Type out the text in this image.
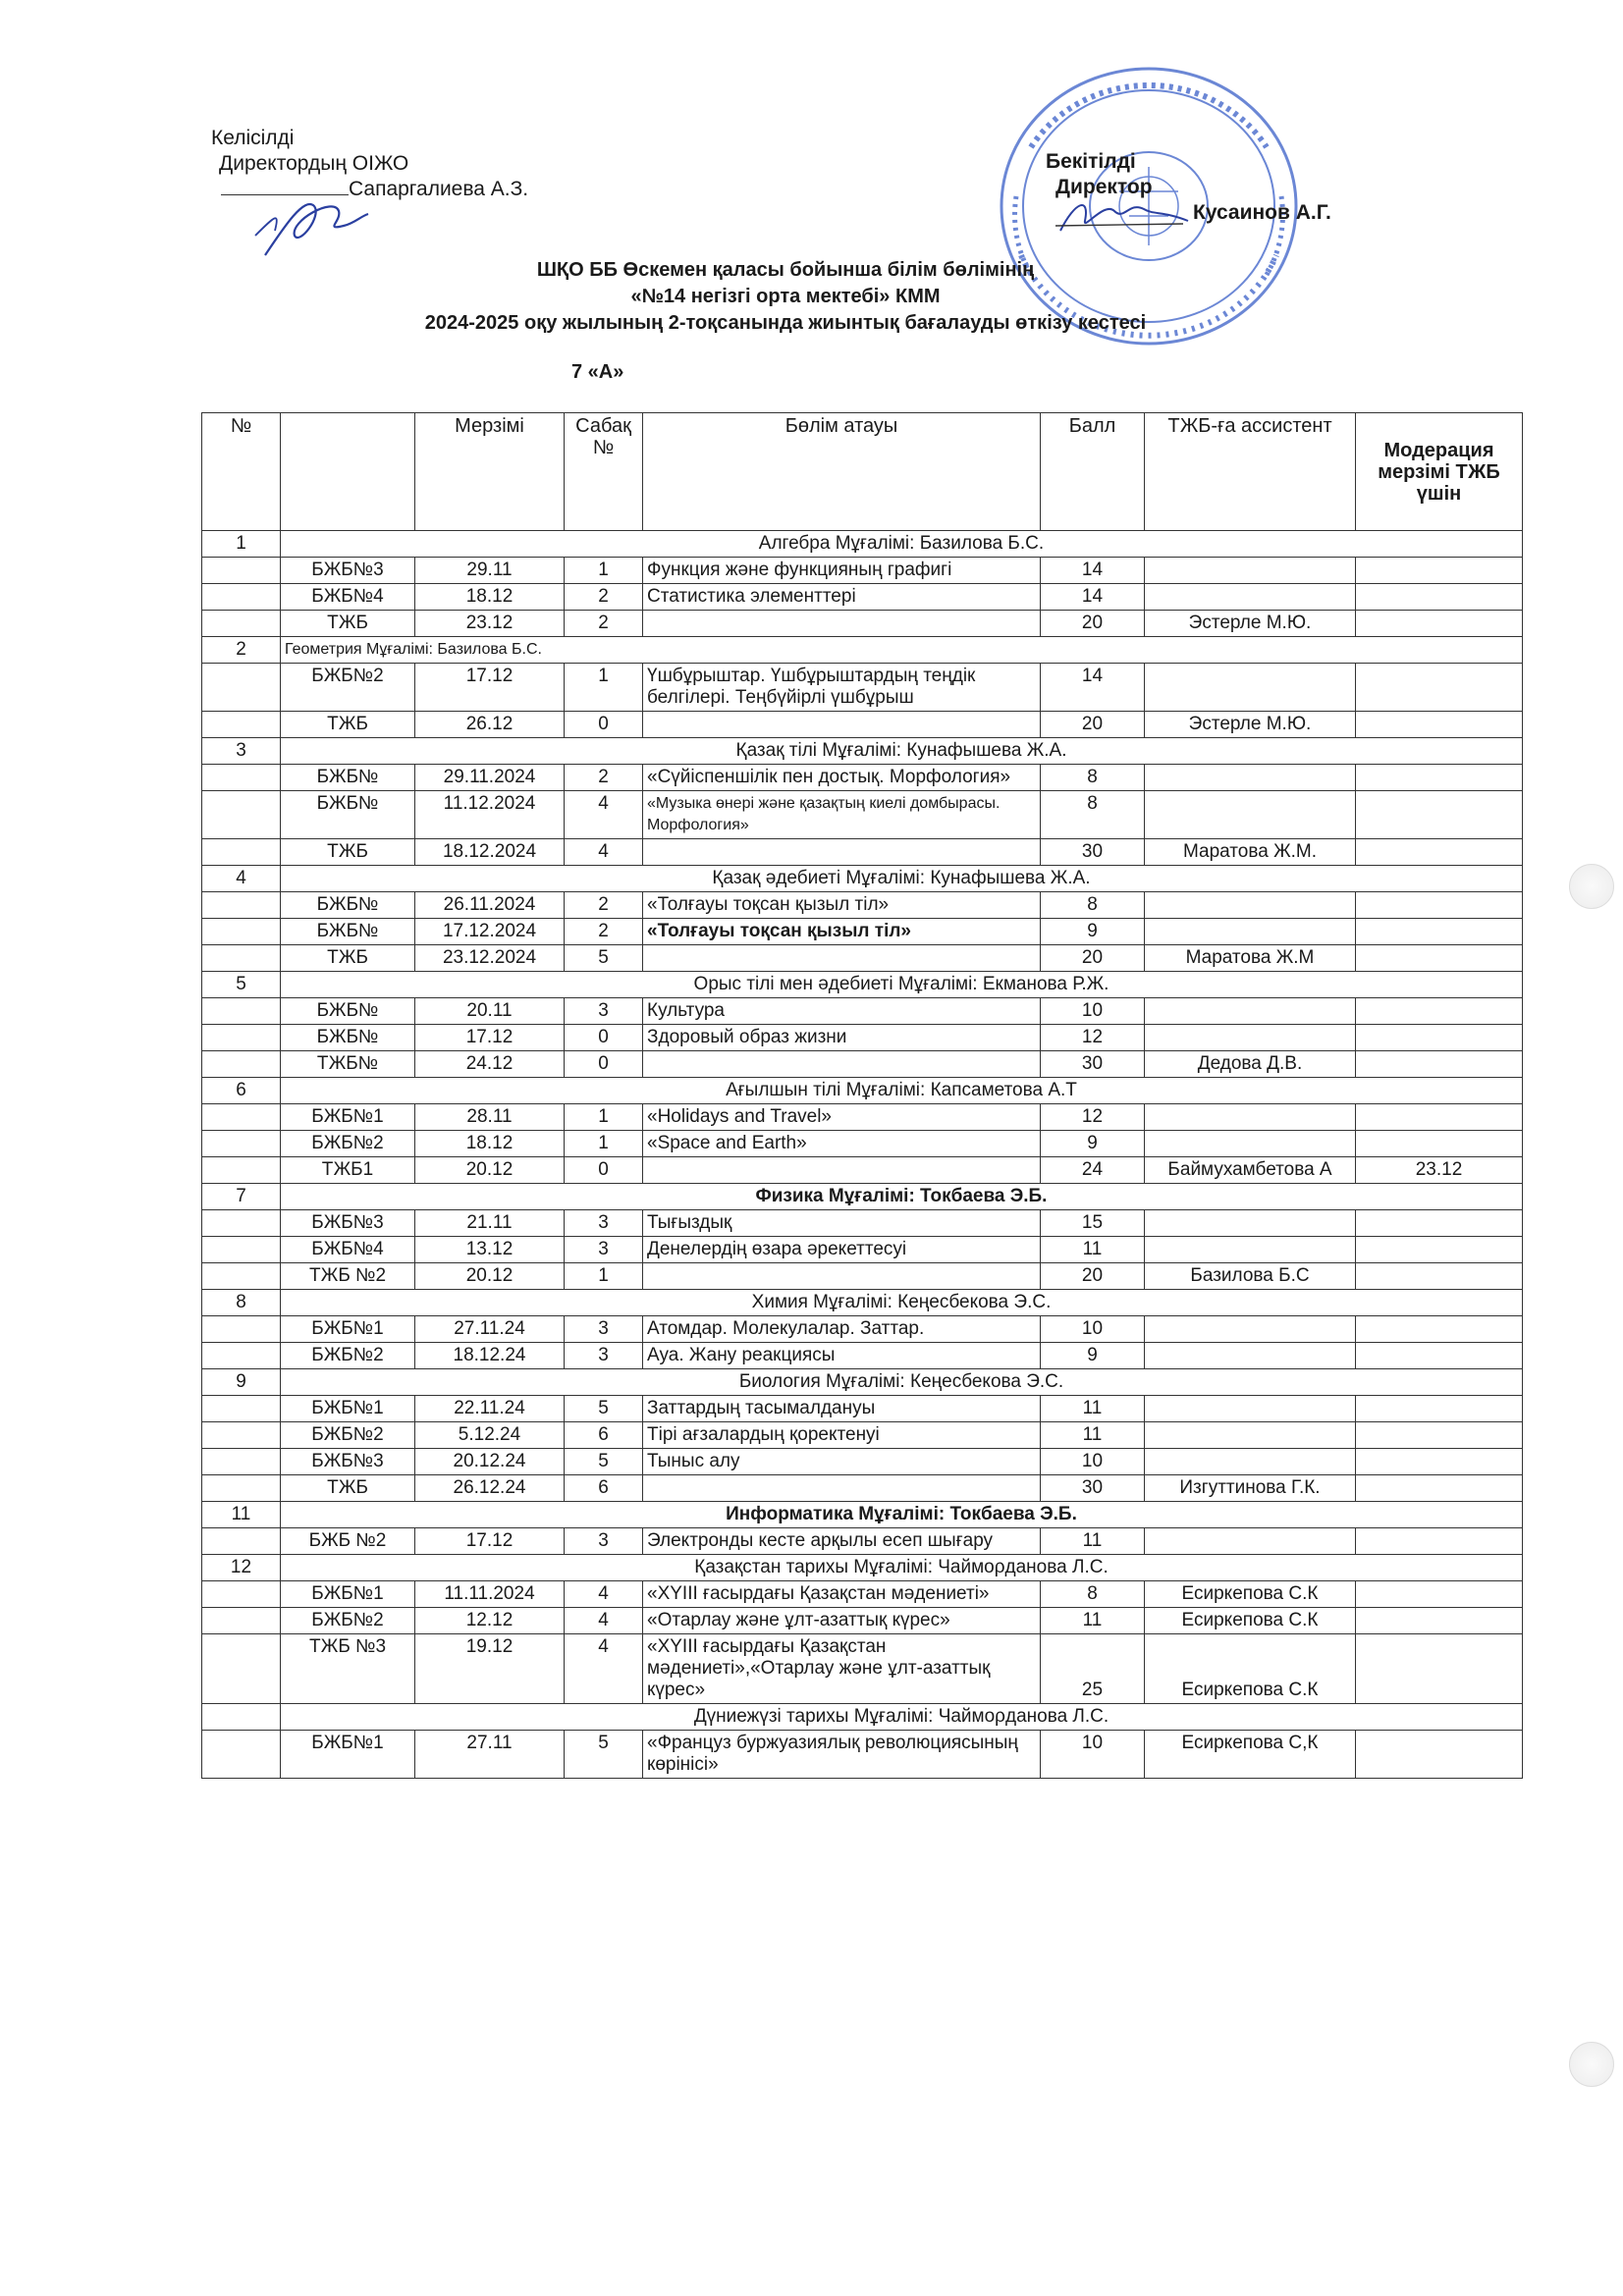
Келісілді
Директордың ОІЖО
Сапаргалиева А.З.
Бекітілді
Директор
Кусаинов А.Г.
ШҚО ББ Өскемен қаласы бойынша білім бөлімінің
«№14 негізгі орта мектебі» КММ
2024-2025 оқу жылының 2-тоқсанында жиынтық бағалауды өткізу кестесі
7 «А»
№		Мерзімі	Сабақ №	Бөлім атауы	Балл	ТЖБ-ға ассистент	Модерация мерзімі ТЖБ үшін
1	Алгебра Мұғалімі: Базилова Б.С.						
	БЖБ№3	29.11	1	Функция және функцияның графигі	14		
	БЖБ№4	18.12	2	Статистика элементтері	14		
	ТЖБ	23.12	2		20	Эстерле М.Ю.	
2	Геометрия Мұғалімі: Базилова Б.С.						
	БЖБ№2	17.12	1	Үшбұрыштар. Үшбұрыштардың теңдік белгілері. Теңбүйірлі үшбұрыш	14		
	ТЖБ	26.12	0		20	Эстерле М.Ю.	
3	Қазақ тілі Мұғалімі: Кунафышева Ж.А.						
	БЖБ№	29.11.2024	2	«Сүйіспеншілік пен достық. Морфология»	8		
	БЖБ№	11.12.2024	4	«Музыка өнері және қазақтың киелі домбырасы. Морфология»	8		
	ТЖБ	18.12.2024	4		30	Маратова Ж.М.	
4	Қазақ әдебиеті Мұғалімі: Кунафышева Ж.А.						
	БЖБ№	26.11.2024	2	«Толғауы тоқсан қызыл тіл»	8		
	БЖБ№	17.12.2024	2	«Толғауы тоқсан қызыл тіл»	9		
	ТЖБ	23.12.2024	5		20	Маратова Ж.М	
5	Орыс тілі мен әдебиеті Мұғалімі: Екманова Р.Ж.						
	БЖБ№	20.11	3	Культура	10		
	БЖБ№	17.12	0	Здоровый образ жизни	12		
	ТЖБ№	24.12	0		30	Дедова Д.В.	
6	Ағылшын тілі Мұғалімі: Капсаметова А.Т						
	БЖБ№1	28.11	1	«Holidays and Travel»	12		
	БЖБ№2	18.12	1	«Space and Earth»	9		
	ТЖБ1	20.12	0		24	Баймухамбетова А	23.12
7	Физика Мұғалімі: Токбаева Э.Б.						
	БЖБ№3	21.11	3	Тығыздық	15		
	БЖБ№4	13.12	3	Денелердің өзара әрекеттесуі	11		
	ТЖБ №2	20.12	1		20	Базилова Б.С	
8	Химия Мұғалімі: Кеңесбекова Э.С.						
	БЖБ№1	27.11.24	3	Атомдар. Молекулалар. Заттар.	10		
	БЖБ№2	18.12.24	3	Ауа. Жану реакциясы	9		
9	Биология Мұғалімі: Кеңесбекова Э.С.						
	БЖБ№1	22.11.24	5	Заттардың тасымалдануы	11		
	БЖБ№2	5.12.24	6	Тірі ағзалардың қоректенуі	11		
	БЖБ№3	20.12.24	5	Тыныс алу	10		
	ТЖБ	26.12.24	6		30	Изгуттинова Г.К.	
11	Информатика Мұғалімі: Токбаева Э.Б.						
	БЖБ №2	17.12	3	Электронды кесте арқылы есеп шығару	11		
12	Қазақстан тарихы Мұғалімі: Чаймορданова Л.С.						
	БЖБ№1	11.11.2024	4	«XYIII ғасырдағы Қазақстан мәдениеті»	8	Есиркепова С.К	
	БЖБ№2	12.12	4	«Отарлау және ұлт-азаттық күрес»	11	Есиркепова С.К	
	ТЖБ №3	19.12	4	«XYIII ғасырдағы Қазақстан мәдениеті»,«Отарлау және ұлт-азаттық күрес»	25	Есиркепова С.К	
	Дүниежүзі тарихы Мұғалімі: Чаймορданова Л.С.						
	БЖБ№1	27.11	5	«Француз буржуазиялық революциясының көрінісі»	10	Есиркепова С,К	
